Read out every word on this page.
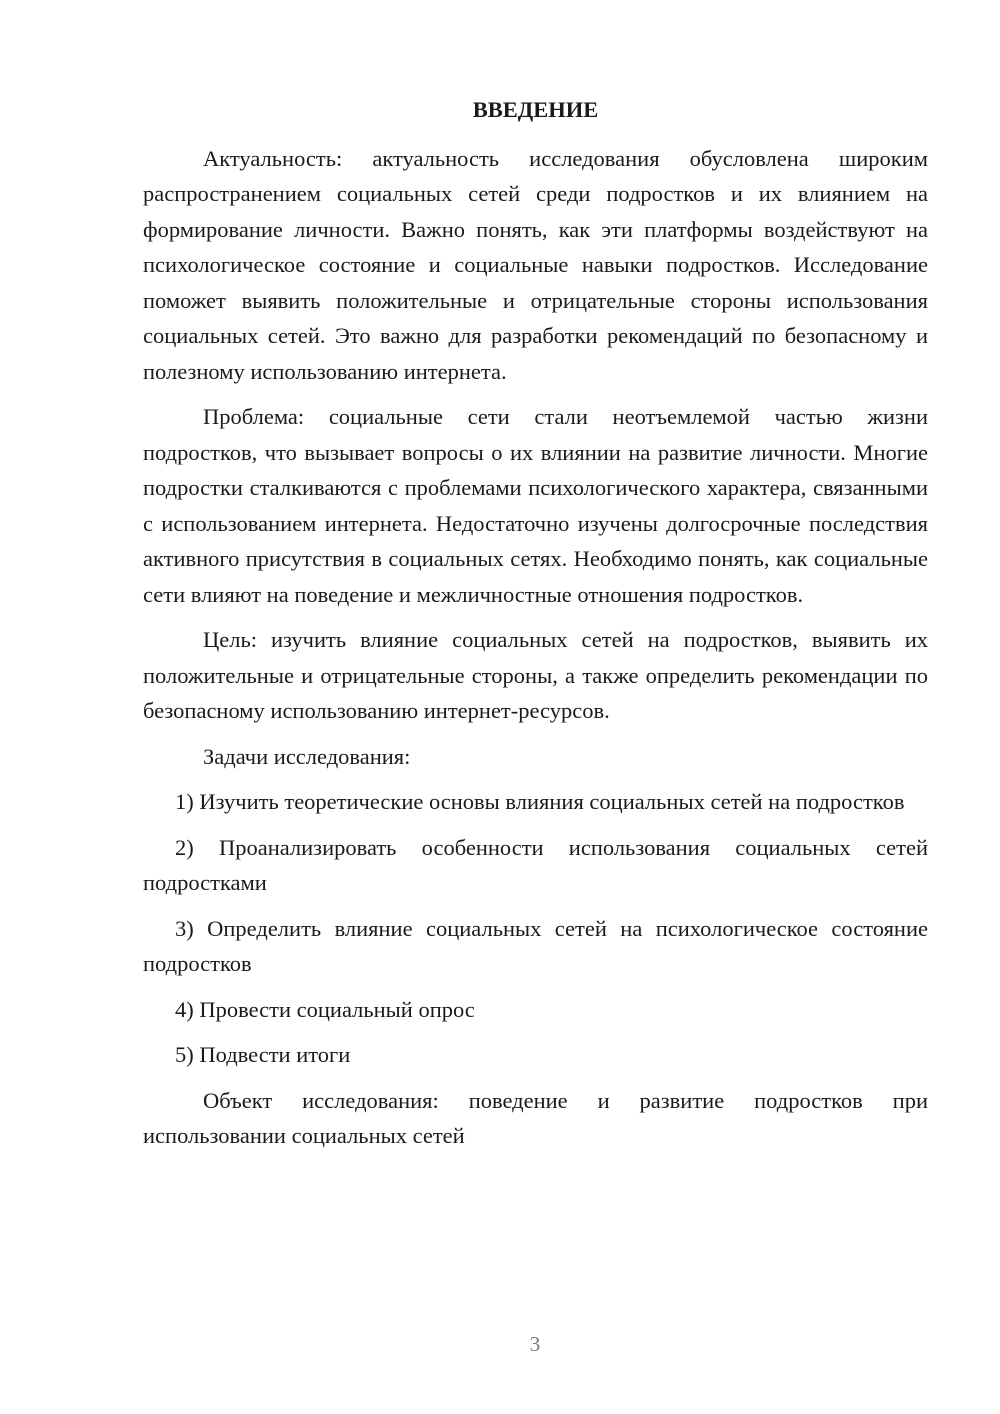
ВВЕДЕНИЕ

Актуальность: актуальность исследования обусловлена широким распространением социальных сетей среди подростков и их влиянием на формирование личности. Важно понять, как эти платформы воздействуют на психологическое состояние и социальные навыки подростков. Исследование поможет выявить положительные и отрицательные стороны использования социальных сетей. Это важно для разработки рекомендаций по безопасному и полезному использованию интернета.

Проблема: социальные сети стали неотъемлемой частью жизни подростков, что вызывает вопросы о их влиянии на развитие личности. Многие подростки сталкиваются с проблемами психологического характера, связанными с использованием интернета. Недостаточно изучены долгосрочные последствия активного присутствия в социальных сетях. Необходимо понять, как социальные сети влияют на поведение и межличностные отношения подростков.

Цель: изучить влияние социальных сетей на подростков, выявить их положительные и отрицательные стороны, а также определить рекомендации по безопасному использованию интернет-ресурсов.

Задачи исследования:

1) Изучить теоретические основы влияния социальных сетей на подростков

2) Проанализировать особенности использования социальных сетей подростками

3) Определить влияние социальных сетей на психологическое состояние подростков

4) Провести социальный опрос

5) Подвести итоги

Объект исследования: поведение и развитие подростков при использовании социальных сетей

3
